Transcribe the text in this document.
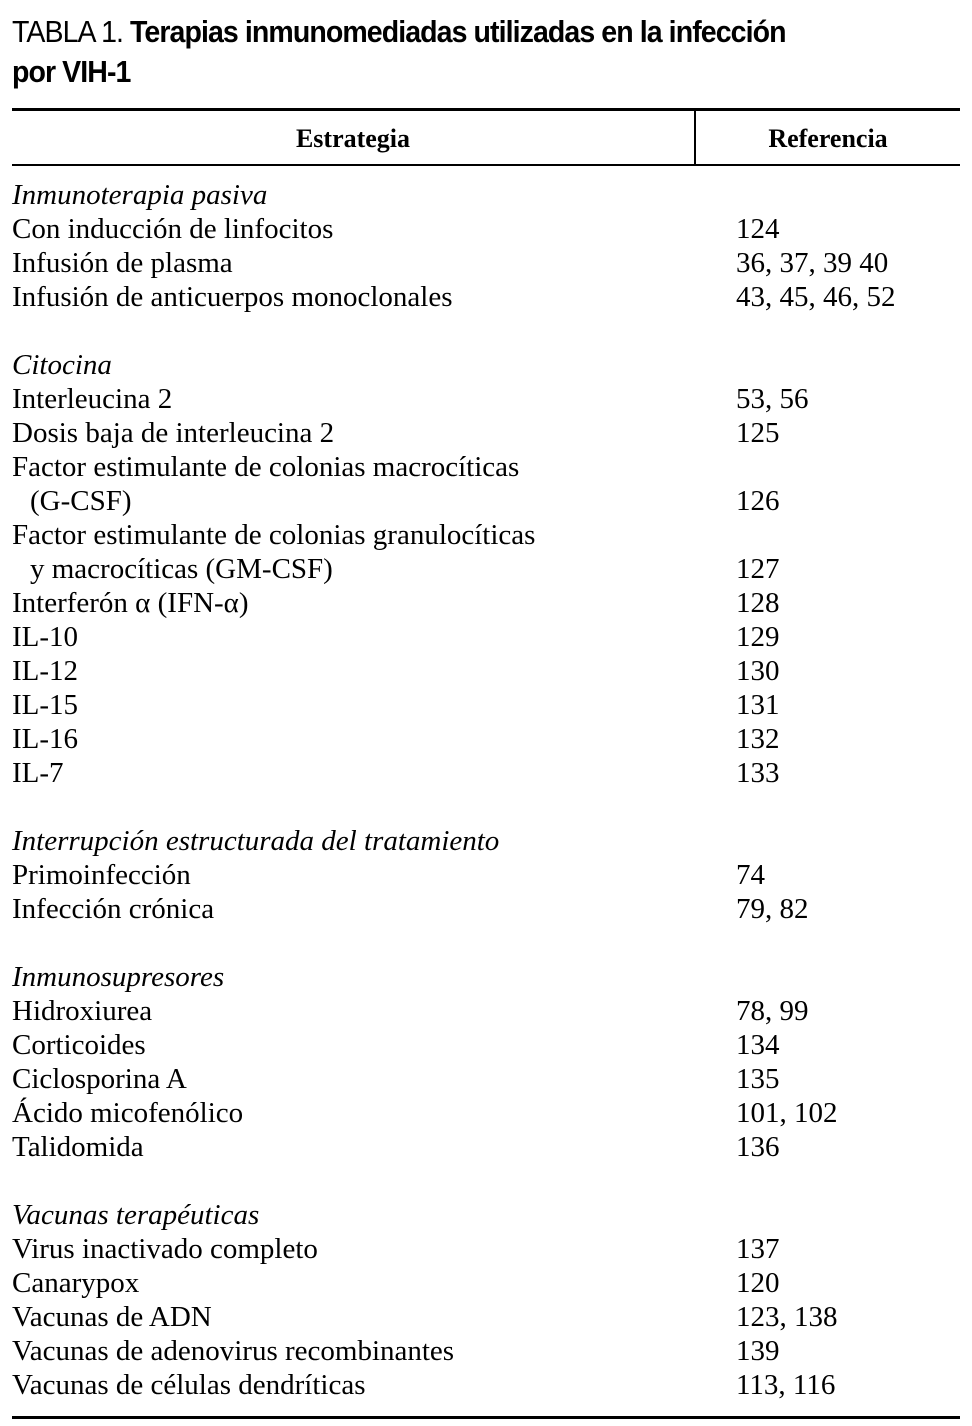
TABLA 1. Terapias inmunomediadas utilizadas en la infección
por VIH-1
Estrategia	Referencia
Inmunoterapia pasiva
Con inducción de linfocitos	124
Infusión de plasma	36, 37, 39 40
Infusión de anticuerpos monoclonales	43, 45, 46, 52
Citocina
Interleucina 2	53, 56
Dosis baja de interleucina 2	125
Factor estimulante de colonias macrocíticas
(G-CSF)	126
Factor estimulante de colonias granulocíticas
y macrocíticas (GM-CSF)	127
Interferón α (IFN-α)	128
IL-10	129
IL-12	130
IL-15	131
IL-16	132
IL-7	133
Interrupción estructurada del tratamiento
Primoinfección	74
Infección crónica	79, 82
Inmunosupresores
Hidroxiurea	78, 99
Corticoides	134
Ciclosporina A	135
Ácido micofenólico	101, 102
Talidomida	136
Vacunas terapéuticas
Virus inactivado completo	137
Canarypox	120
Vacunas de ADN	123, 138
Vacunas de adenovirus recombinantes	139
Vacunas de células dendríticas	113, 116
